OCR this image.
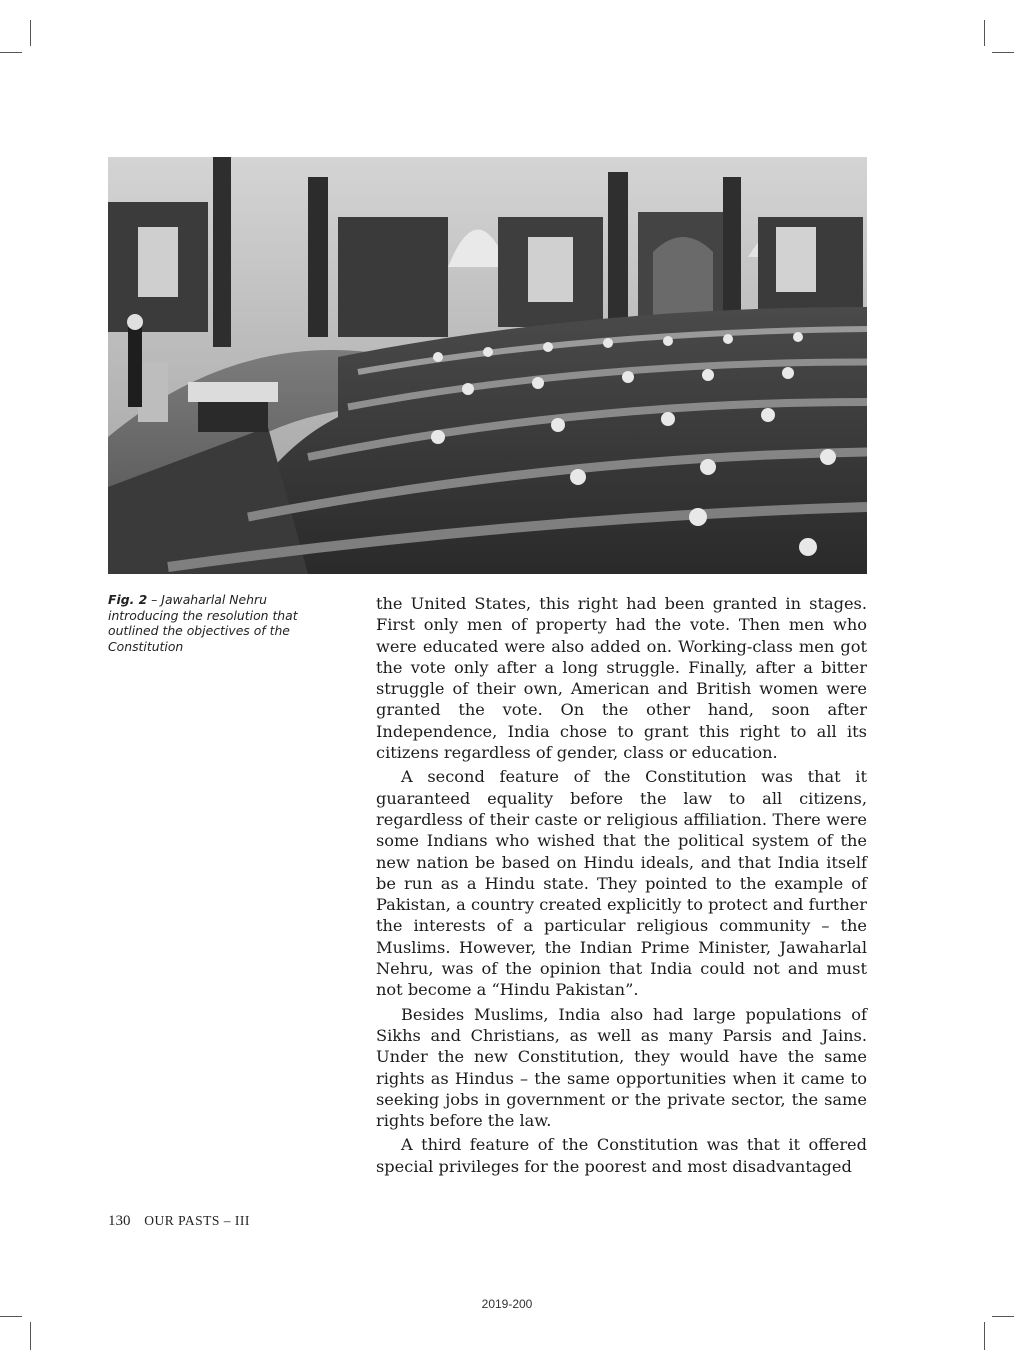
Fig. 2 – Jawaharlal Nehru introducing the resolution that outlined the objectives of the Constitution

the United States, this right had been granted in stages. First only men of property had the vote. Then men who were educated were also added on. Working-class men got the vote only after a long struggle. Finally, after a bitter struggle of their own, American and British women were granted the vote. On the other hand, soon after Independence, India chose to grant this right to all its citizens regardless of gender, class or education.

A second feature of the Constitution was that it guaranteed equality before the law to all citizens, regardless of their caste or religious affiliation. There were some Indians who wished that the political system of the new nation be based on Hindu ideals, and that India itself be run as a Hindu state. They pointed to the example of Pakistan, a country created explicitly to protect and further the interests of a particular religious community – the Muslims. However, the Indian Prime Minister, Jawaharlal Nehru, was of the opinion that India could not and must not become a “Hindu Pakistan”.

Besides Muslims, India also had large populations of Sikhs and Christians, as well as many Parsis and Jains. Under the new Constitution, they would have the same rights as Hindus – the same opportunities when it came to seeking jobs in government or the private sector, the same rights before the law.

A third feature of the Constitution was that it offered special privileges for the poorest and most disadvantaged

130 OUR PASTS – III
2019-200
